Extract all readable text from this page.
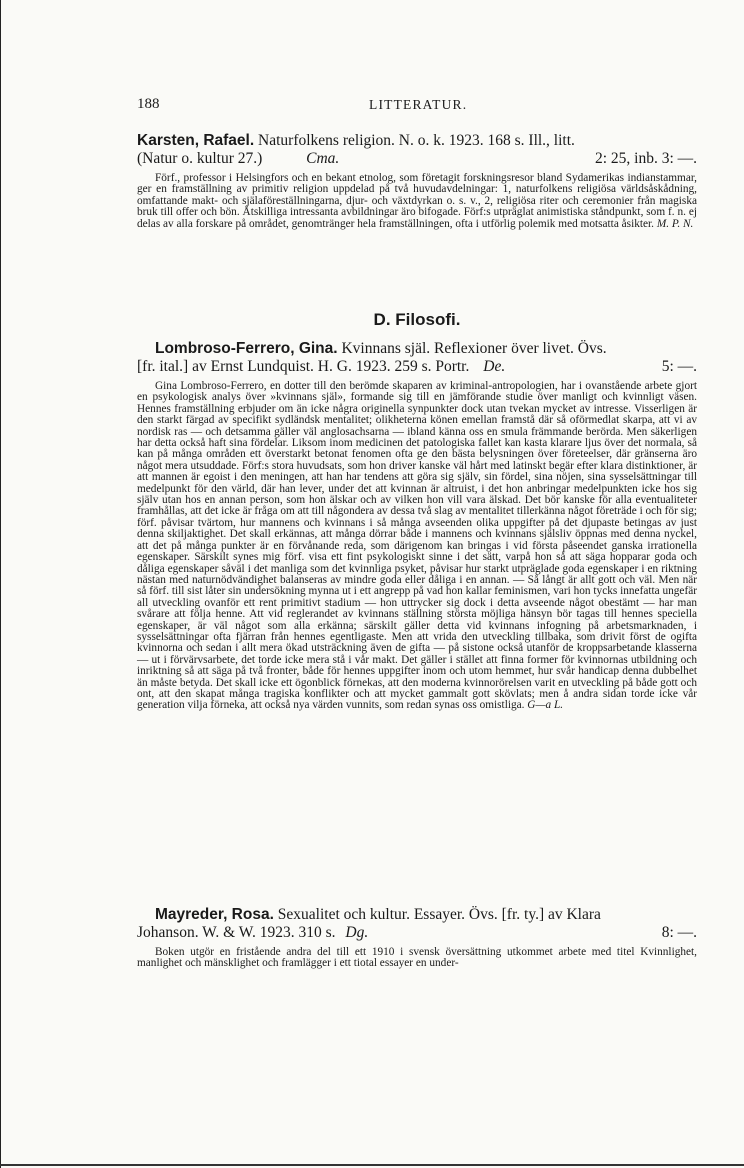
188	LITTERATUR.
Karsten, Rafael. Naturfolkens religion. N. o. k. 1923. 168 s. Ill., litt.
(Natur o. kultur 27.)	Cma.	2: 25, inb. 3: —.
Förf., professor i Helsingfors och en bekant etnolog, som företagit forskningsresor bland Sydamerikas indianstammar, ger en framställning av primitiv religion uppdelad på två huvudavdelningar: 1, naturfolkens religiösa världsåskådning, omfattande makt- och själaföreställningarna, djur- och växtdyrkan o. s. v., 2, religiösa riter och ceremonier från magiska bruk till offer och bön. Åtskilliga intressanta avbildningar äro bifogade. Förf:s utpräglat animistiska ståndpunkt, som f. n. ej delas av alla forskare på området, genomtränger hela framställningen, ofta i utförlig polemik med motsatta åsikter. M. P. N.
D. Filosofi.
Lombroso-Ferrero, Gina. Kvinnans själ. Reflexioner över livet. Övs.
[fr. ital.] av Ernst Lundquist. H. G. 1923. 259 s. Portr. De.	5: —.
Gina Lombroso-Ferrero, en dotter till den berömde skaparen av kriminal-antropologien, har i ovanstående arbete gjort en psykologisk analys över »kvinnans själ», formande sig till en jämförande studie över manligt och kvinnligt väsen. Hennes framställning erbjuder om än icke några originella synpunkter dock utan tvekan mycket av intresse. Visserligen är den starkt färgad av specifikt sydländsk mentalitet; olikheterna könen emellan framstå där så oförmedlat skarpa, att vi av nordisk ras — och detsamma gäller väl anglosachsarna — ibland känna oss en smula främmande berörda. Men säkerligen har detta också haft sina fördelar. Liksom inom medicinen det patologiska fallet kan kasta klarare ljus över det normala, så kan på många områden ett överstarkt betonat fenomen ofta ge den bästa belysningen över företeelser, där gränserna äro något mera utsuddade. Förf:s stora huvudsats, som hon driver kanske väl hårt med latinskt begär efter klara distinktioner, är att mannen är egoist i den meningen, att han har tendens att göra sig själv, sin fördel, sina nöjen, sina sysselsättningar till medelpunkt för den värld, där han lever, under det att kvinnan är altruist, i det hon anbringar medelpunkten icke hos sig själv utan hos en annan person, som hon älskar och av vilken hon vill vara älskad. Det bör kanske för alla eventualiteter framhållas, att det icke är fråga om att till någondera av dessa två slag av mentalitet tillerkänna något företräde i och för sig; förf. påvisar tvärtom, hur mannens och kvinnans i så många avseenden olika uppgifter på det djupaste betingas av just denna skiljaktighet. Det skall erkännas, att många dörrar både i mannens och kvinnans själsliv öppnas med denna nyckel, att det på många punkter är en förvånande reda, som därigenom kan bringas i vid första påseendet ganska irrationella egenskaper. Särskilt synes mig förf. visa ett fint psykologiskt sinne i det sätt, varpå hon så att säga hopparar goda och dåliga egenskaper såväl i det manliga som det kvinnliga psyket, påvisar hur starkt utpräglade goda egenskaper i en riktning nästan med naturnödvändighet balanseras av mindre goda eller dåliga i en annan. — Så långt är allt gott och väl. Men när så förf. till sist låter sin undersökning mynna ut i ett angrepp på vad hon kallar feminismen, vari hon tycks innefatta ungefär all utveckling ovanför ett rent primitivt stadium — hon uttrycker sig dock i detta avseende något obestämt — har man svårare att följa henne. Att vid reglerandet av kvinnans ställning största möjliga hänsyn bör tagas till hennes speciella egenskaper, är väl något som alla erkänna; särskilt gäller detta vid kvinnans infogning på arbetsmarknaden, i sysselsättningar ofta fjärran från hennes egentligaste. Men att vrida den utveckling tillbaka, som drivit först de ogifta kvinnorna och sedan i allt mera ökad utsträckning även de gifta — på sistone också utanför de kroppsarbetande klasserna — ut i förvärvsarbete, det torde icke mera stå i vår makt. Det gäller i stället att finna former för kvinnornas utbildning och inriktning så att säga på två fronter, både för hennes uppgifter inom och utom hemmet, hur svår handicap denna dubbelhet än måste betyda. Det skall icke ett ögonblick förnekas, att den moderna kvinnorörelsen varit en utveckling på både gott och ont, att den skapat många tragiska konflikter och att mycket gammalt gott skövlats; men å andra sidan torde icke vår generation vilja förneka, att också nya värden vunnits, som redan synas oss omistliga. G—a L.
Mayreder, Rosa. Sexualitet och kultur. Essayer. Övs. [fr. ty.] av Klara
Johanson. W. & W. 1923. 310 s. Dg.	8: —.
Boken utgör en fristående andra del till ett 1910 i svensk översättning utkommet arbete med titel Kvinnlighet, manlighet och mänsklighet och framlägger i ett tiotal essayer en under-
